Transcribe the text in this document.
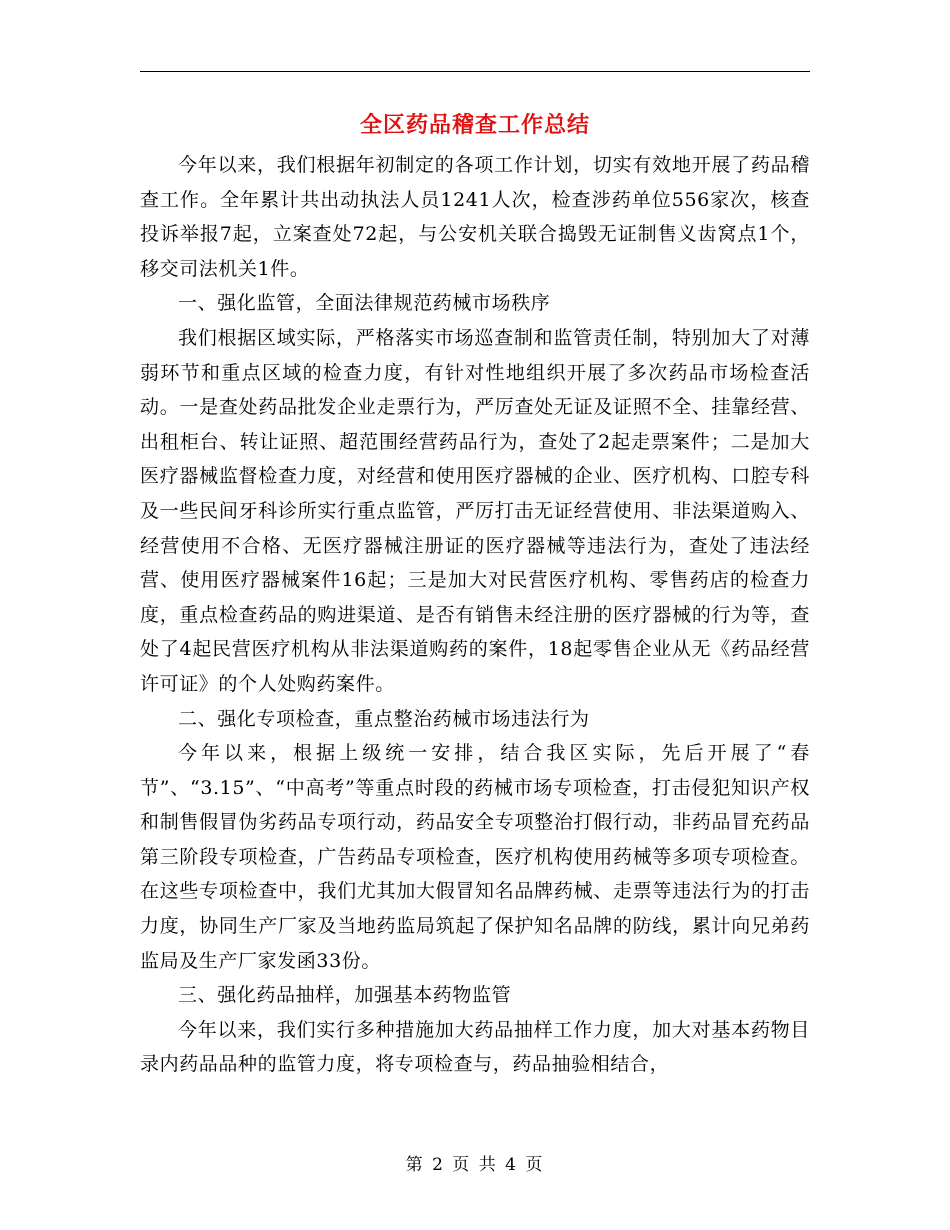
全区药品稽查工作总结

今年以来，我们根据年初制定的各项工作计划，切实有效地开展了药品稽查工作。全年累计共出动执法人员1241人次，检查涉药单位556家次，核查投诉举报7起，立案查处72起，与公安机关联合捣毁无证制售义齿窝点1个，移交司法机关1件。

一、强化监管，全面法律规范药械市场秩序

我们根据区域实际，严格落实市场巡查制和监管责任制，特别加大了对薄弱环节和重点区域的检查力度，有针对性地组织开展了多次药品市场检查活动。一是查处药品批发企业走票行为，严厉查处无证及证照不全、挂靠经营、出租柜台、转让证照、超范围经营药品行为，查处了2起走票案件；二是加大医疗器械监督检查力度，对经营和使用医疗器械的企业、医疗机构、口腔专科及一些民间牙科诊所实行重点监管，严厉打击无证经营使用、非法渠道购入、经营使用不合格、无医疗器械注册证的医疗器械等违法行为，查处了违法经营、使用医疗器械案件16起；三是加大对民营医疗机构、零售药店的检查力度，重点检查药品的购进渠道、是否有销售未经注册的医疗器械的行为等，查处了4起民营医疗机构从非法渠道购药的案件，18起零售企业从无《药品经营许可证》的个人处购药案件。

二、强化专项检查，重点整治药械市场违法行为

今年以来，根据上级统一安排，结合我区实际，先后开展了“春节”、“3.15”、“中高考”等重点时段的药械市场专项检查，打击侵犯知识产权和制售假冒伪劣药品专项行动，药品安全专项整治打假行动，非药品冒充药品第三阶段专项检查，广告药品专项检查，医疗机构使用药械等多项专项检查。在这些专项检查中，我们尤其加大假冒知名品牌药械、走票等违法行为的打击力度，协同生产厂家及当地药监局筑起了保护知名品牌的防线，累计向兄弟药监局及生产厂家发函33份。

三、强化药品抽样，加强基本药物监管

今年以来，我们实行多种措施加大药品抽样工作力度，加大对基本药物目录内药品品种的监管力度，将专项检查与，药品抽验相结合，

第 2 页 共 4 页
